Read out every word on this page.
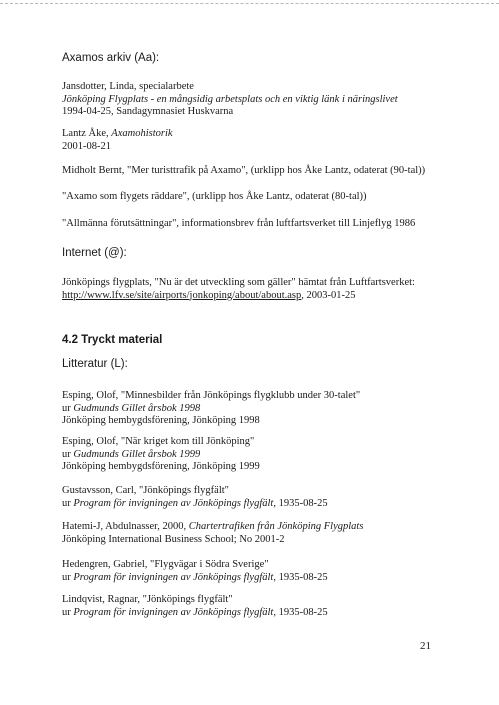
Axamos arkiv (Aa):
Jansdotter, Linda, specialarbete
Jönköping Flygplats - en mångsidig arbetsplats och en viktig länk i näringslivet
1994-04-25, Sandagymnasiet Huskvarna
Lantz Åke, Axamohistorik
2001-08-21
Midholt Bernt, "Mer turisttrafik på Axamo", (urklipp hos Åke Lantz, odaterat (90-tal))
"Axamo som flygets räddare", (urklipp hos Åke Lantz, odaterat (80-tal))
"Allmänna förutsättningar", informationsbrev från luftfartsverket till Linjeflyg 1986
Internet (@):
Jönköpings flygplats, "Nu är det utveckling som gäller" hämtat från Luftfartsverket:
http://www.lfv.se/site/airports/jonkoping/about/about.asp, 2003-01-25
4.2 Tryckt material
Litteratur (L):
Esping, Olof, "Minnesbilder från Jönköpings flygklubb under 30-talet"
ur Gudmunds Gillet årsbok 1998
Jönköping hembygdsförening, Jönköping 1998
Esping, Olof, "När kriget kom till Jönköping"
ur Gudmunds Gillet årsbok 1999
Jönköping hembygdsförening, Jönköping 1999
Gustavsson, Carl, "Jönköpings flygfält"
ur Program för invigningen av Jönköpings flygfält, 1935-08-25
Hatemi-J, Abdulnasser, 2000, Chartertrafiken från Jönköping Flygplats
Jönköping International Business School; No 2001-2
Hedengren, Gabriel, "Flygvägar i Södra Sverige"
ur Program för invigningen av Jönköpings flygfält, 1935-08-25
Lindqvist, Ragnar, "Jönköpings flygfält"
ur Program för invigningen av Jönköpings flygfält, 1935-08-25
21
